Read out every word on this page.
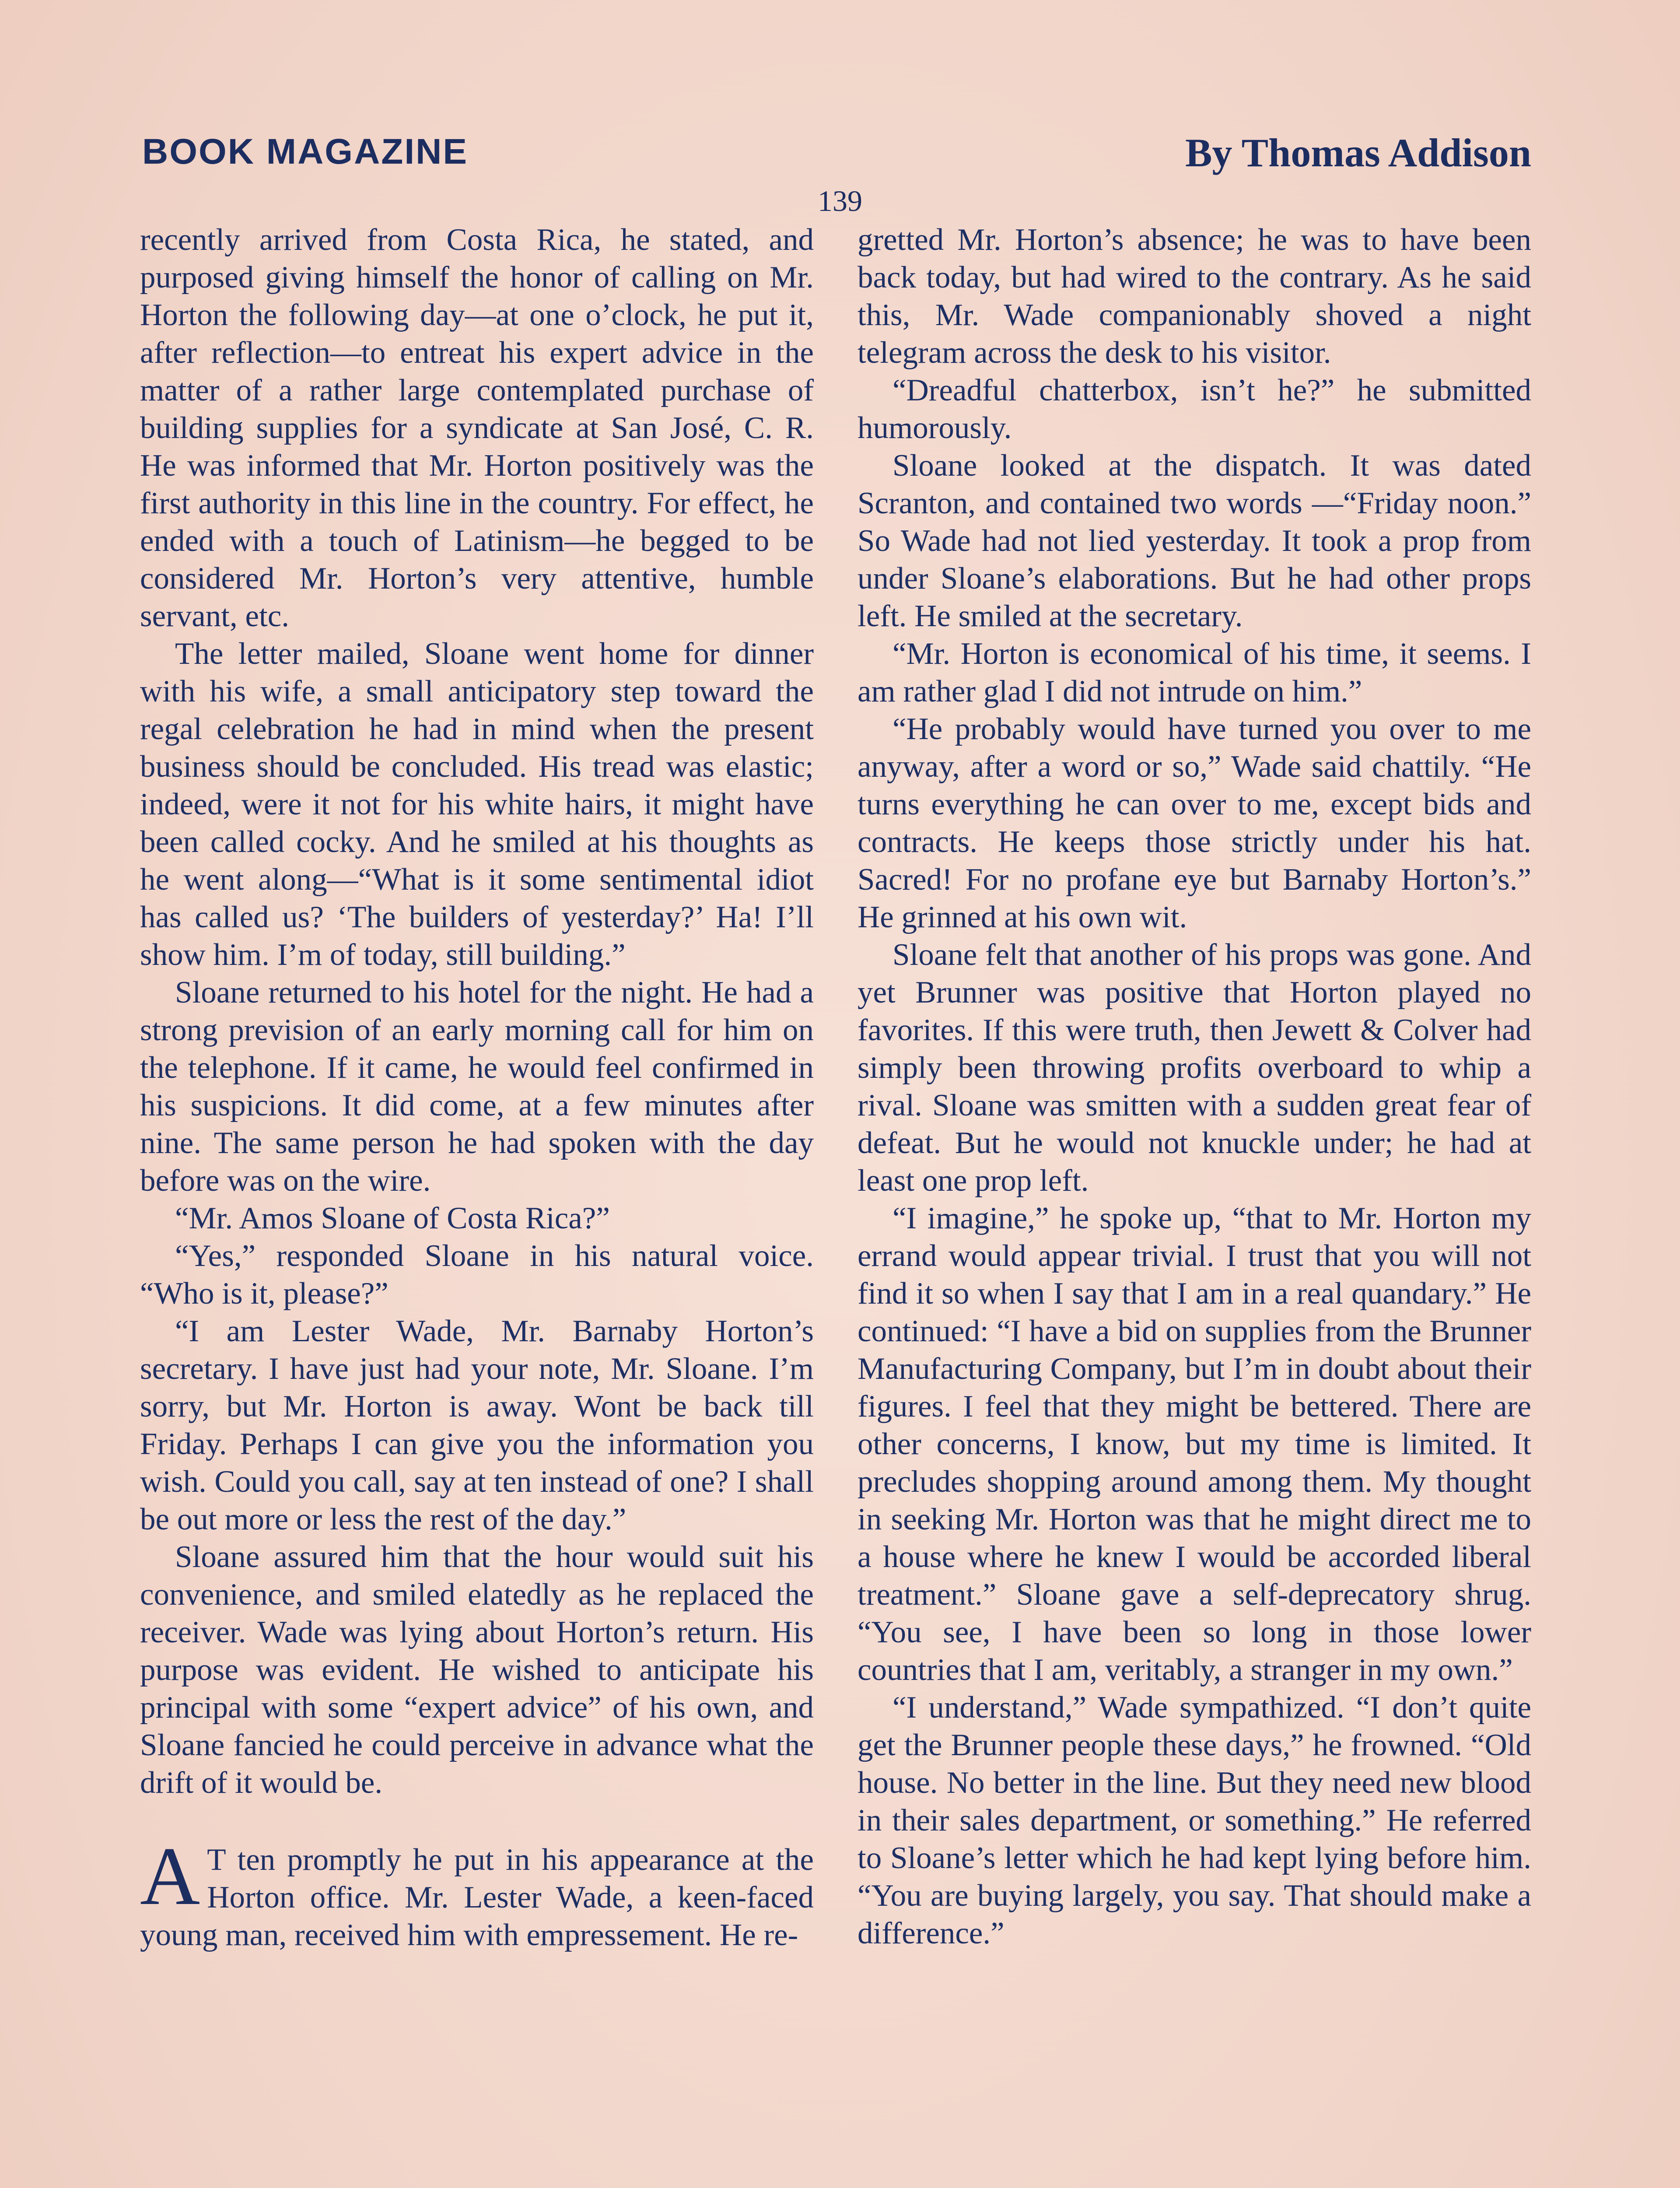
BOOK MAGAZINE	By Thomas Addison
139

recently arrived from Costa Rica, he stated, and purposed giving himself the honor of calling on Mr. Horton the following day—at one o’clock, he put it, after reflection—to entreat his expert advice in the matter of a rather large contemplated purchase of building supplies for a syndicate at San José, C. R. He was informed that Mr. Horton positively was the first authority in this line in the country. For effect, he ended with a touch of Latinism—he begged to be considered Mr. Horton’s very attentive, humble servant, etc.

The letter mailed, Sloane went home for dinner with his wife, a small anticipatory step toward the regal celebration he had in mind when the present business should be concluded. His tread was elastic; indeed, were it not for his white hairs, it might have been called cocky. And he smiled at his thoughts as he went along—“What is it some sentimental idiot has called us? ‘The builders of yesterday?’ Ha! I’ll show him. I’m of today, still building.”

Sloane returned to his hotel for the night. He had a strong prevision of an early morning call for him on the telephone. If it came, he would feel confirmed in his suspicions. It did come, at a few minutes after nine. The same person he had spoken with the day before was on the wire.

“Mr. Amos Sloane of Costa Rica?”

“Yes,” responded Sloane in his natural voice. “Who is it, please?”

“I am Lester Wade, Mr. Barnaby Horton’s secretary. I have just had your note, Mr. Sloane. I’m sorry, but Mr. Horton is away. Wont be back till Friday. Perhaps I can give you the information you wish. Could you call, say at ten instead of one? I shall be out more or less the rest of the day.”

Sloane assured him that the hour would suit his convenience, and smiled elatedly as he replaced the receiver. Wade was lying about Horton’s return. His purpose was evident. He wished to anticipate his principal with some “expert advice” of his own, and Sloane fancied he could perceive in advance what the drift of it would be.

A T ten promptly he put in his appearance at the Horton office. Mr. Lester Wade, a keen-faced young man, received him with empressement. He re-

gretted Mr. Horton’s absence; he was to have been back today, but had wired to the contrary. As he said this, Mr. Wade companionably shoved a night telegram across the desk to his visitor.

“Dreadful chatterbox, isn’t he?” he submitted humorously.

Sloane looked at the dispatch. It was dated Scranton, and contained two words —“Friday noon.” So Wade had not lied yesterday. It took a prop from under Sloane’s elaborations. But he had other props left. He smiled at the secretary.

“Mr. Horton is economical of his time, it seems. I am rather glad I did not intrude on him.”

“He probably would have turned you over to me anyway, after a word or so,” Wade said chattily. “He turns everything he can over to me, except bids and contracts. He keeps those strictly under his hat. Sacred! For no profane eye but Barnaby Horton’s.” He grinned at his own wit.

Sloane felt that another of his props was gone. And yet Brunner was positive that Horton played no favorites. If this were truth, then Jewett & Colver had simply been throwing profits overboard to whip a rival. Sloane was smitten with a sudden great fear of defeat. But he would not knuckle under; he had at least one prop left.

“I imagine,” he spoke up, “that to Mr. Horton my errand would appear trivial. I trust that you will not find it so when I say that I am in a real quandary.” He continued: “I have a bid on supplies from the Brunner Manufacturing Company, but I’m in doubt about their figures. I feel that they might be bettered. There are other concerns, I know, but my time is limited. It precludes shopping around among them. My thought in seeking Mr. Horton was that he might direct me to a house where he knew I would be accorded liberal treatment.” Sloane gave a self-deprecatory shrug. “You see, I have been so long in those lower countries that I am, veritably, a stranger in my own.”

“I understand,” Wade sympathized. “I don’t quite get the Brunner people these days,” he frowned. “Old house. No better in the line. But they need new blood in their sales department, or something.” He referred to Sloane’s letter which he had kept lying before him. “You are buying largely, you say. That should make a difference.”
